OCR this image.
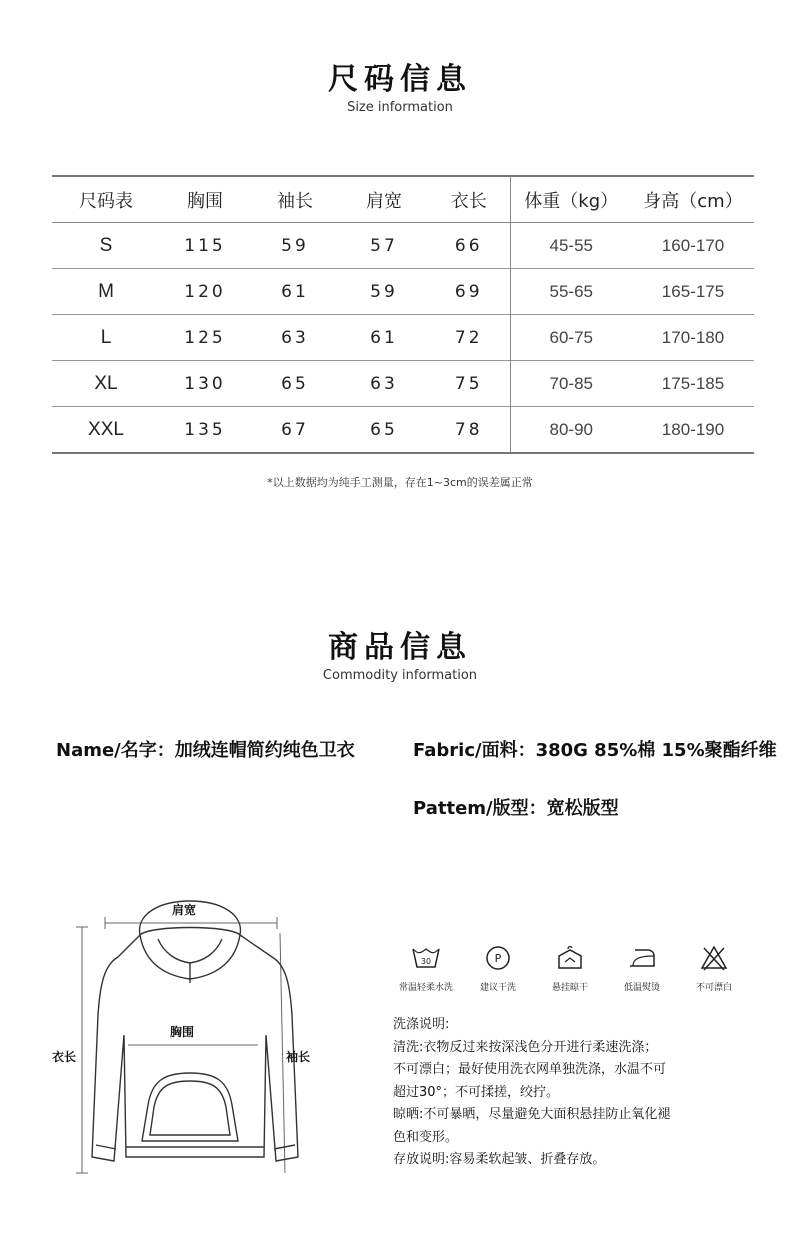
尺码信息
Size information
尺码表	胸围	袖长	肩宽	衣长	体重（kg）	身高（cm）
S	115	59	57	66	45-55	160-170
M	120	61	59	69	55-65	165-175
L	125	63	61	72	60-75	170-180
XL	130	65	63	75	70-85	175-185
XXL	135	67	65	78	80-90	180-190
*以上数据均为纯手工测量，存在1~3cm的误差属正常
商品信息
Commodity information
Name/名字：加绒连帽简约纯色卫衣	Fabric/面料：380G 85%棉 15%聚酯纤维
Pattem/版型：宽松版型
肩宽
胸围
衣长	袖长
30
常温轻柔水洗
P
建议干洗	悬挂晾干	低温熨烫	不可漂白
洗涤说明:
清洗:衣物反过来按深浅色分开进行柔速洗涤；
不可漂白；最好使用洗衣网单独洗涤，水温不可
超过30°；不可揉搓，绞拧。
晾晒:不可暴晒，尽量避免大面积悬挂防止氧化褪
色和变形。
存放说明:容易柔软起皱、折叠存放。
